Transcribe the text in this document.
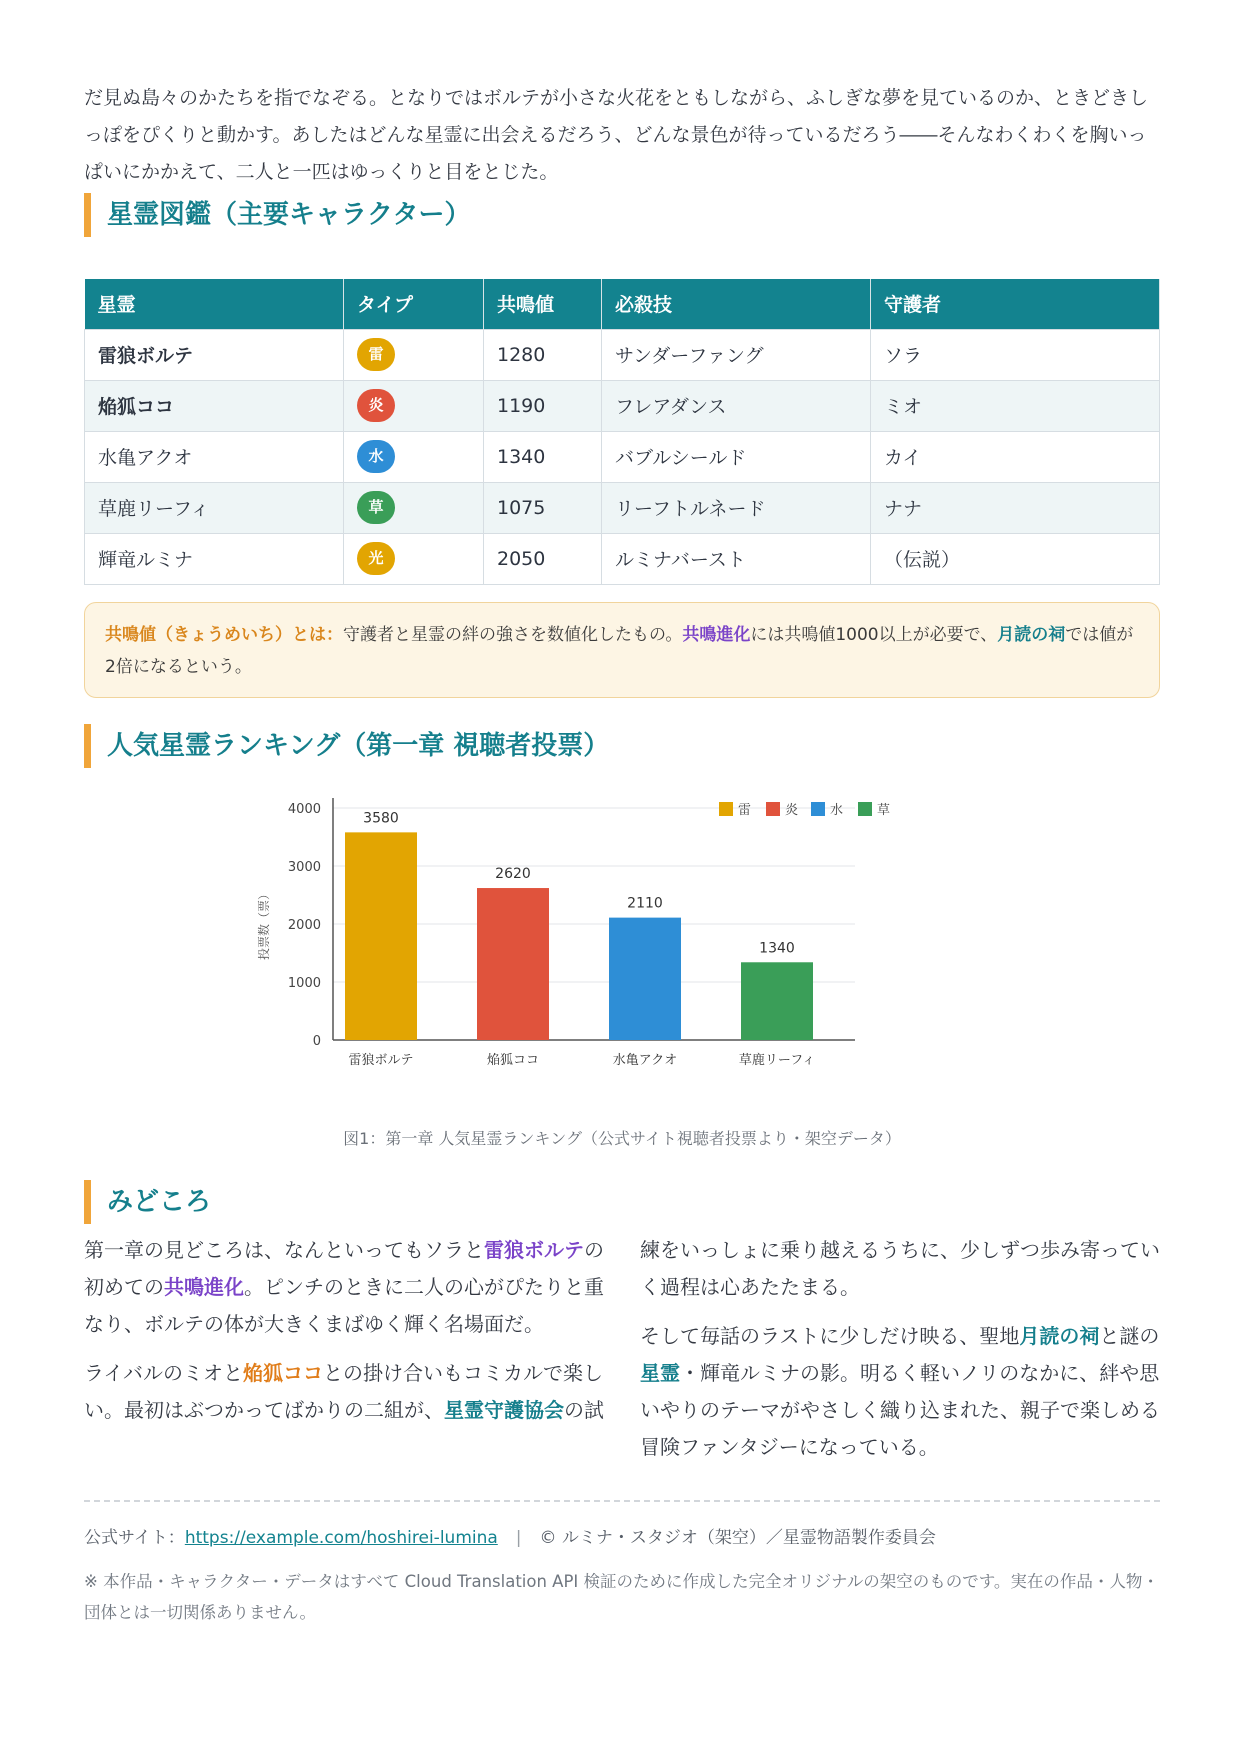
だ見ぬ島々のかたちを指でなぞる。となりではボルテが小さな火花をともしながら、ふしぎな夢を見ているのか、ときどきしっぽをぴくりと動かす。あしたはどんな星霊に出会えるだろう、どんな景色が待っているだろう――そんなわくわくを胸いっぱいにかかえて、二人と一匹はゆっくりと目をとじた。

星霊図鑑（主要キャラクター）
星霊	タイプ	共鳴値	必殺技	守護者
雷狼ボルテ	雷	1280	サンダーファング	ソラ
焔狐ココ	炎	1190	フレアダンス	ミオ
水亀アクオ	水	1340	バブルシールド	カイ
草鹿リーフィ	草	1075	リーフトルネード	ナナ
輝竜ルミナ	光	2050	ルミナバースト	（伝説）
共鳴値（きょうめいち）とは：守護者と星霊の絆の強さを数値化したもの。共鳴進化には共鳴値1000以上が必要で、月読の祠では値が2倍になるという。
人気星霊ランキング（第一章 視聴者投票）
0
1000
2000
3000
4000
投票数（票）
3580
雷狼ボルテ
2620
焔狐ココ
2110
水亀アクオ
1340
草鹿リーフィ
雷	炎 水	草

図1：第一章 人気星霊ランキング（公式サイト視聴者投票より・架空データ）

みどころ

第一章の見どころは、なんといってもソラと雷狼ボルテの初めての共鳴進化。ピンチのときに二人の心がぴたりと重なり、ボルテの体が大きくまばゆく輝く名場面だ。

ライバルのミオと焔狐ココとの掛け合いもコミカルで楽しい。最初はぶつかってばかりの二組が、星霊守護協会の試練をいっしょに乗り越えるうちに、少しずつ歩み寄っていく過程は心あたたまる。

そして毎話のラストに少しだけ映る、聖地月読の祠と謎の星霊・輝竜ルミナの影。明るく軽いノリのなかに、絆や思いやりのテーマがやさしく織り込まれた、親子で楽しめる冒険ファンタジーになっている。

公式サイト：https://example.com/hoshirei-lumina | © ルミナ・スタジオ（架空）／星霊物語製作委員会

※ 本作品・キャラクター・データはすべて Cloud Translation API 検証のために作成した完全オリジナルの架空のものです。実在の作品・人物・団体とは一切関係ありません。
